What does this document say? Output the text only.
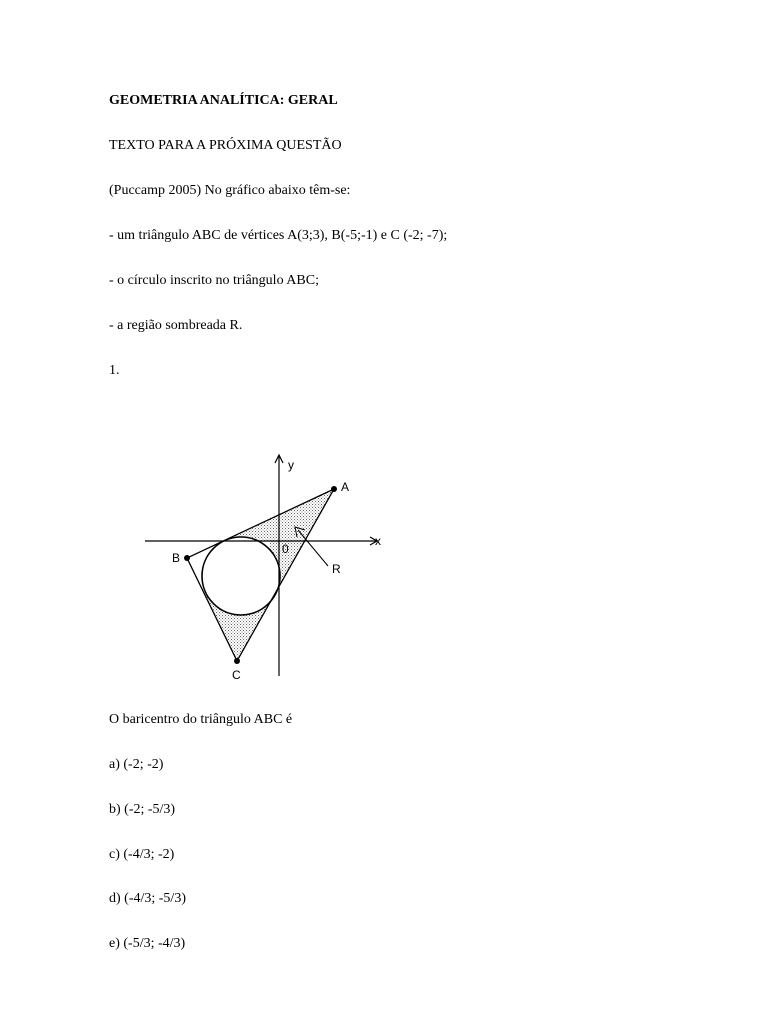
GEOMETRIA ANALÍTICA: GERAL
TEXTO PARA A PRÓXIMA QUESTÃO
(Puccamp 2005) No gráfico abaixo têm-se:
- um triângulo ABC de vértices A(3;3), B(-5;-1) e C (-2; -7);
- o círculo inscrito no triângulo ABC;
- a região sombreada R.
1.
y
x
0
A
B
C
R
O baricentro do triângulo ABC é
a) (-2; -2)
b) (-2; -5/3)
c) (-4/3; -2)
d) (-4/3; -5/3)
e) (-5/3; -4/3)
